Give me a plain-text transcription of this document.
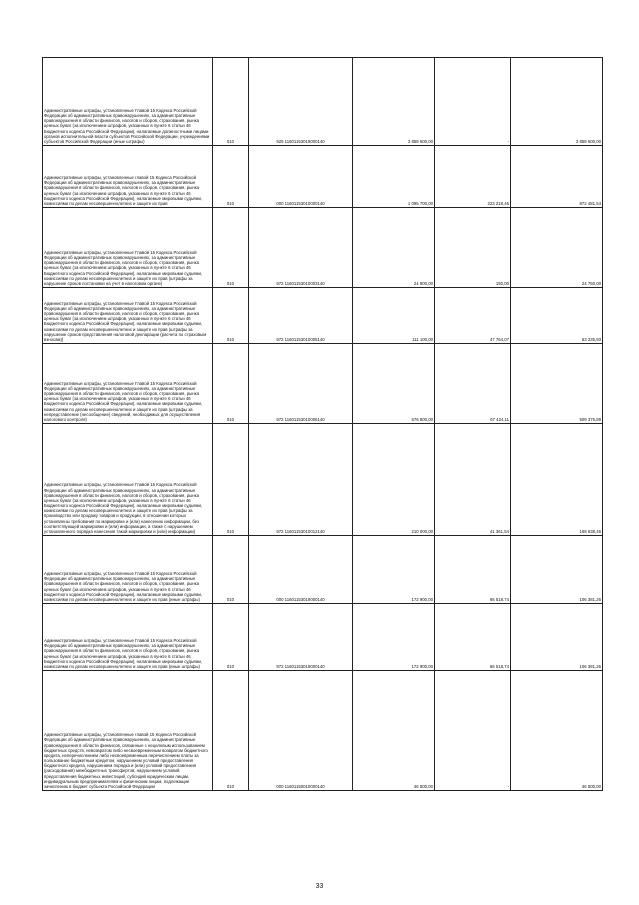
Административные штрафы, установленные Главой 15 Кодекса Российской Федерации об административных правонарушениях, за административные правонарушения в области финансов, налогов и сборов, страхования, рынка ценных бумаг (за исключением штрафов, указанных в пункте 6 статьи 46 Бюджетного кодекса Российской Федерации), налагаемые должностными лицами органов исполнительной власти субъектов Российской Федерации, учреждениями субъектов Российской Федерации (иные штрафы)	010	925 11601153019000140	3 858 600,00	-	3 858 600,00

Административные штрафы, установленные главой 15 Кодекса Российской Федерации об административных правонарушениях, за административные правонарушения в области финансов, налогов и сборов, страхования, рынка ценных бумаг (за исключением штрафов, указанных в пункте 6 статьи 46 Бюджетного кодекса Российской Федерации), налагаемые мировыми судьями, комиссиями по делам несовершеннолетних и защите их прав	010	000 11601153010000140	1 095 700,00	223 218,46	872 481,54

Административные штрафы, установленные Главой 15 Кодекса Российской Федерации об административных правонарушениях, за административные правонарушения в области финансов, налогов и сборов, страхования, рынка ценных бумаг (за исключением штрафов, указанных в пункте 6 статьи 46 Бюджетного кодекса Российской Федерации), налагаемые мировыми судьями, комиссиями по делам несовершеннолетних и защите их прав (штрафы за нарушение сроков постановки на учет в налоговом органе)	010	972 11601153010003140	24 900,00	150,00	24 750,00

Административные штрафы, установленные Главой 15 Кодекса Российской Федерации об административных правонарушениях, за административные правонарушения в области финансов, налогов и сборов, страхования, рынка ценных бумаг (за исключением штрафов, указанных в пункте 6 статьи 46 Бюджетного кодекса Российской Федерации), налагаемые мировыми судьями, комиссиями по делам несовершеннолетних и защите их прав (штрафы за нарушение сроков представления налоговой декларации (расчета по страховым взносам))	010	972 11601153010005140	111 100,00	47 764,07	63 335,93

Административные штрафы, установленные Главой 15 Кодекса Российской Федерации об административных правонарушениях, за административные правонарушения в области финансов, налогов и сборов, страхования, рынка ценных бумаг (за исключением штрафов, указанных в пункте 6 статьи 46 Бюджетного кодекса Российской Федерации), налагаемые мировыми судьями, комиссиями по делам несовершеннолетних и защите их прав (штрафы за непредставление (несообщение) сведений, необходимых для осуществления налогового контроля)	010	972 11601153010006140	576 800,00	67 424,11	509 375,89

Административные штрафы, установленные Главой 15 Кодекса Российской Федерации об административных правонарушениях, за административные правонарушения в области финансов, налогов и сборов, страхования, рынка ценных бумаг (за исключением штрафов, указанных в пункте 6 статьи 46 Бюджетного кодекса Российской Федерации), налагаемые мировыми судьями, комиссиями по делам несовершеннолетних и защите их прав (штрафы за производство или продажу товаров и продукции, в отношении которых установлены требования по маркировке и (или) нанесению информации, без соответствующей маркировки и (или) информации, а также с нарушением установленного порядка нанесения такой маркировки и (или) информации)	010	972 11601153010012140	210 000,00	41 361,54	168 638,46

Административные штрафы, установленные Главой 15 Кодекса Российской Федерации об административных правонарушениях, за административные правонарушения в области финансов, налогов и сборов, страхования, рынка ценных бумаг (за исключением штрафов, указанных в пункте 6 статьи 46 Бюджетного кодекса Российской Федерации), налагаемые мировыми судьями, комиссиями по делам несовершеннолетних и защите их прав (иные штрафы)	010	000 11601153019000140	172 900,00	66 518,74	106 381,26

Административные штрафы, установленные Главой 15 Кодекса Российской Федерации об административных правонарушениях, за административные правонарушения в области финансов, налогов и сборов, страхования, рынка ценных бумаг (за исключением штрафов, указанных в пункте 6 статьи 46 Бюджетного кодекса Российской Федерации), налагаемые мировыми судьями, комиссиями по делам несовершеннолетних и защите их прав (иные штрафы)	010	972 11601153019000140	172 900,00	66 518,74	106 381,26

Административные штрафы, установленные главой 15 Кодекса Российской Федерации об административных правонарушениях, за административные правонарушения в области финансов, связанные с нецелевым использованием бюджетных средств, невозвратом либо несвоевременным возвратом бюджетного кредита, неперечислением либо несвоевременным перечислением платы за пользование бюджетным кредитом, нарушением условий предоставления бюджетного кредита, нарушением порядка и (или) условий предоставления (расходования) межбюджетных трансфертов, нарушением условий предоставления бюджетных инвестиций, субсидий юридическим лицам, индивидуальным предпринимателям и физическим лицам, подлежащие зачислению в бюджет субъекта Российской Федерации	010	000 11601150010000140	46 500,00	-	46 500,00
33
